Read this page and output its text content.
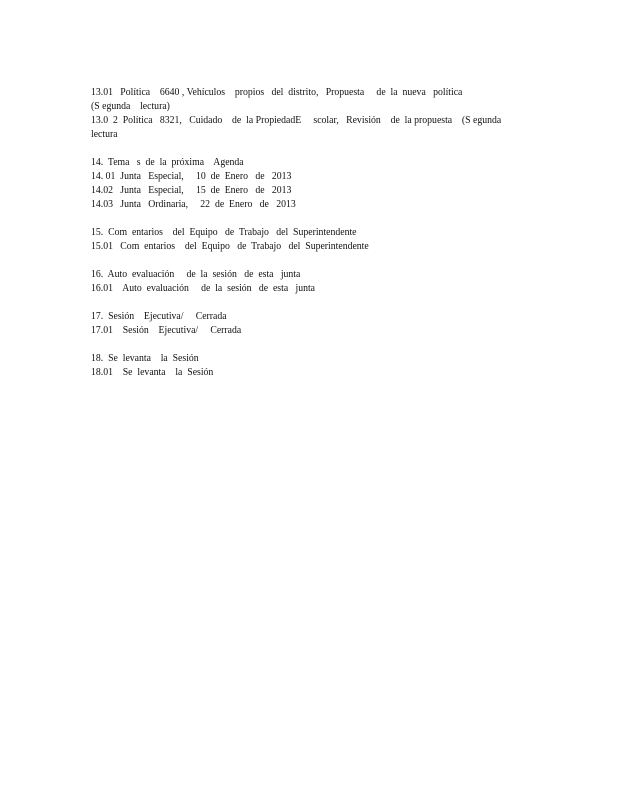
13.01   Política    6640 , Vehículos    propios   del  distrito,   Propuesta     de  la  nueva   política
(S egunda    lectura)
13.0  2  Política   8321,   Cuidado    de  la PropiedadE     scolar,   Revisión    de  la propuesta    (S egunda
lectura
14.  Tema   s  de  la  próxima    Agenda
14. 01  Junta   Especial,     10  de  Enero   de   2013
14.02   Junta   Especial,     15  de  Enero   de   2013
14.03   Junta   Ordinaria,     22  de  Enero   de   2013
15.  Com  entarios    del  Equipo   de  Trabajo   del  Superintendente
15.01   Com  entarios    del  Equipo   de  Trabajo   del  Superintendente
16.  Auto  evaluación     de  la  sesión   de  esta   junta
16.01    Auto  evaluación     de  la  sesión   de  esta   junta
17.  Sesión    Ejecutiva/     Cerrada
17.01    Sesión    Ejecutiva/     Cerrada
18.  Se  levanta    la  Sesión
18.01    Se  levanta    la  Sesión
